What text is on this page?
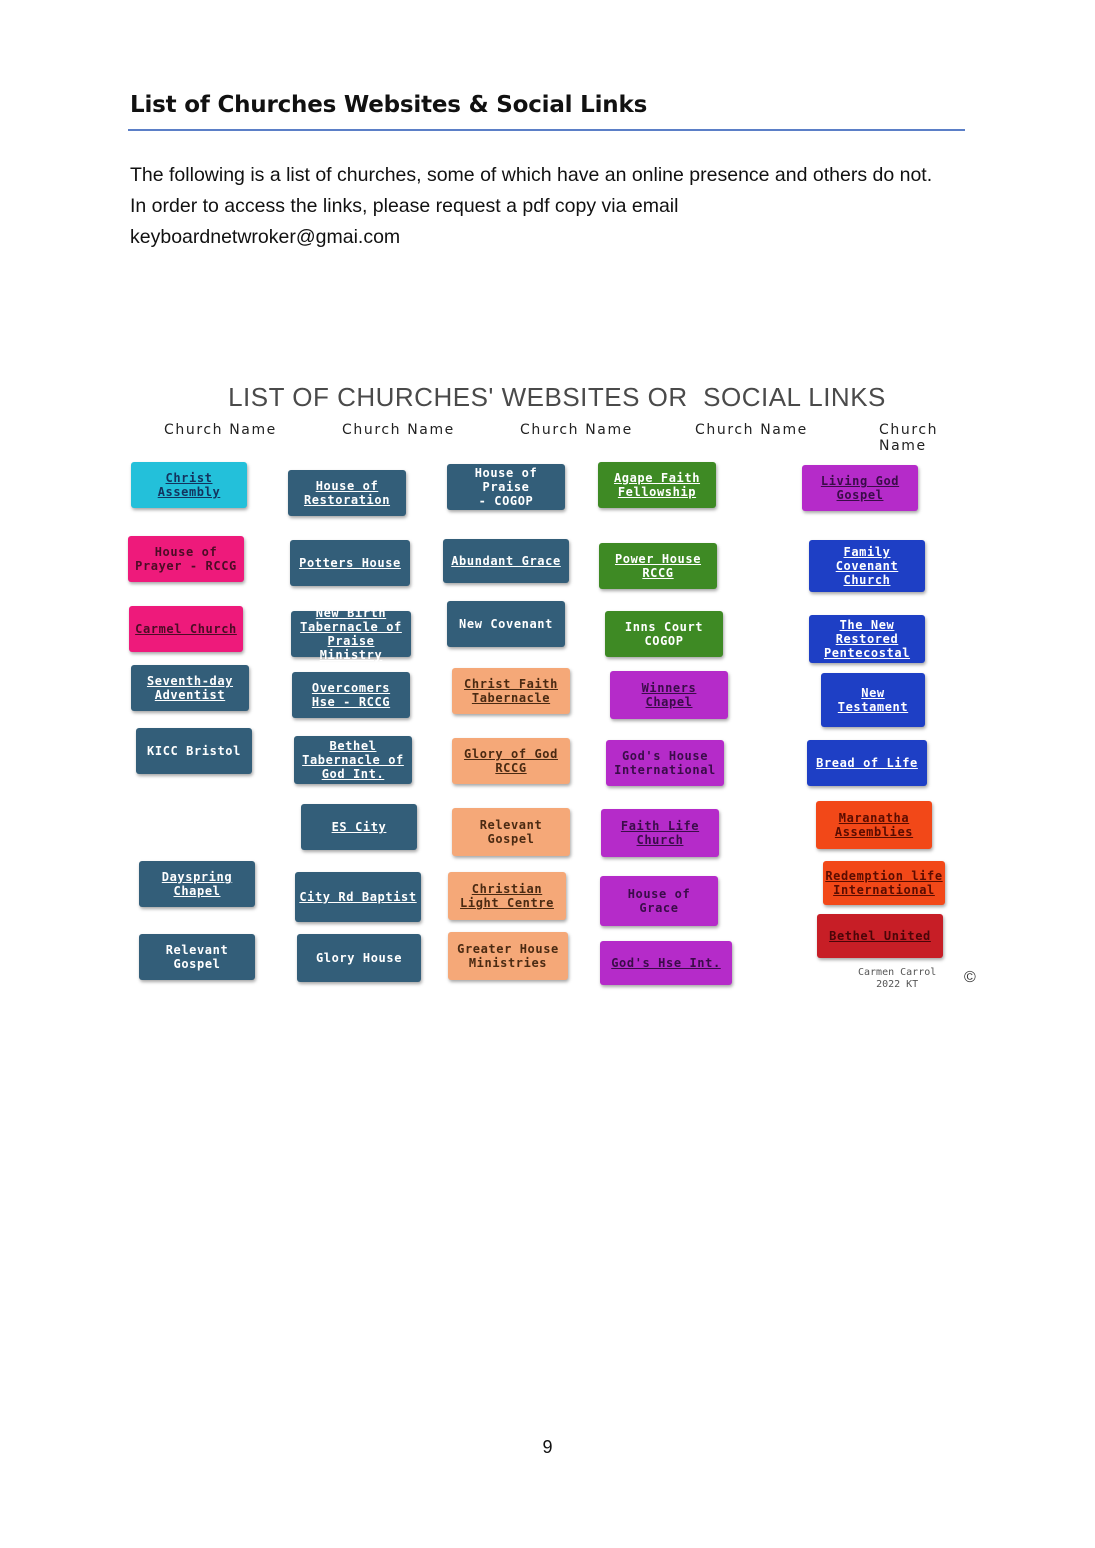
List of Churches Websites & Social Links

The following is a list of churches, some of which have an online presence and others do not.

In order to access the links, please request a pdf copy via email

keyboardnetwroker@gmai.com

LIST OF CHURCHES' WEBSITES OR  SOCIAL LINKS
Church Name	Church Name	Church Name	Church Name	Church Name
Christ
Assembly
House of
Prayer - RCCG
Carmel Church
Seventh-day
Adventist
KICC Bristol
Dayspring
Chapel
Relevant
Gospel
House of
Restoration
Potters House
New Birth
Tabernacle of
Praise Ministry
Overcomers
Hse - RCCG
Bethel
Tabernacle of
God Int.
ES City
City Rd Baptist
Glory House
House of Praise
- COGOP
Abundant Grace
New Covenant
Christ Faith
Tabernacle
Glory of God
RCCG
Relevant
Gospel
Christian
Light Centre
Greater House
Ministries
Agape Faith
Fellowship
Power House
RCCG
Inns Court
COGOP
Winners
Chapel
God's House
International
Faith Life
Church
House of
Grace
God's Hse Int.
Living God
Gospel
Family
Covenant
Church
The New
Restored
Pentecostal
New
Testament
Bread of Life
Maranatha
Assemblies
Redemption life
International
Bethel United
Carmen Carrol
2022 KT	©
9
